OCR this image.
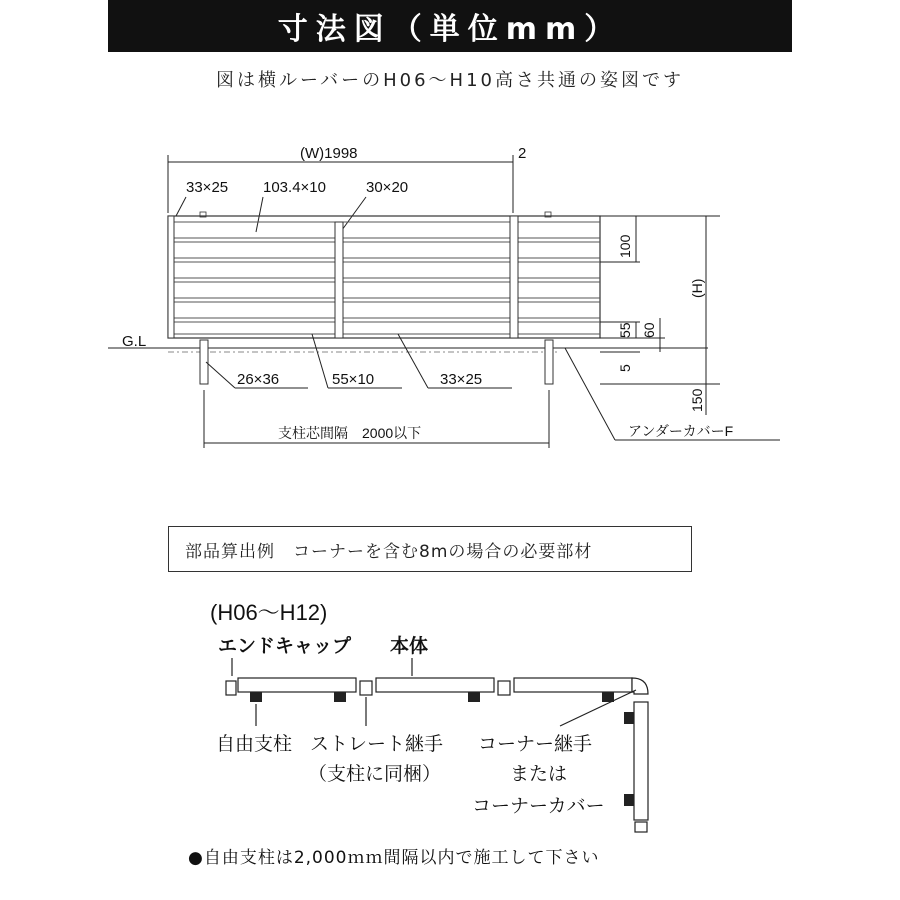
寸法図（単位mm）
図は横ルーバーのH06～H10高さ共通の姿図です
(W)1998	2
33×25 103.4×10	30×20
G.L
26×36	55×10	33×25
支柱芯間隔　2000以下	アンダーカバーF
100
55 60
5
150
(H)
部品算出例　コーナーを含む8mの場合の必要部材
(H06～H12)
エンドキャップ 本体
自由支柱 ストレート継手
（支柱に同梱）
コーナー継手
または
コーナーカバー
●自由支柱は2,000ｍｍ間隔以内で施工して下さい
